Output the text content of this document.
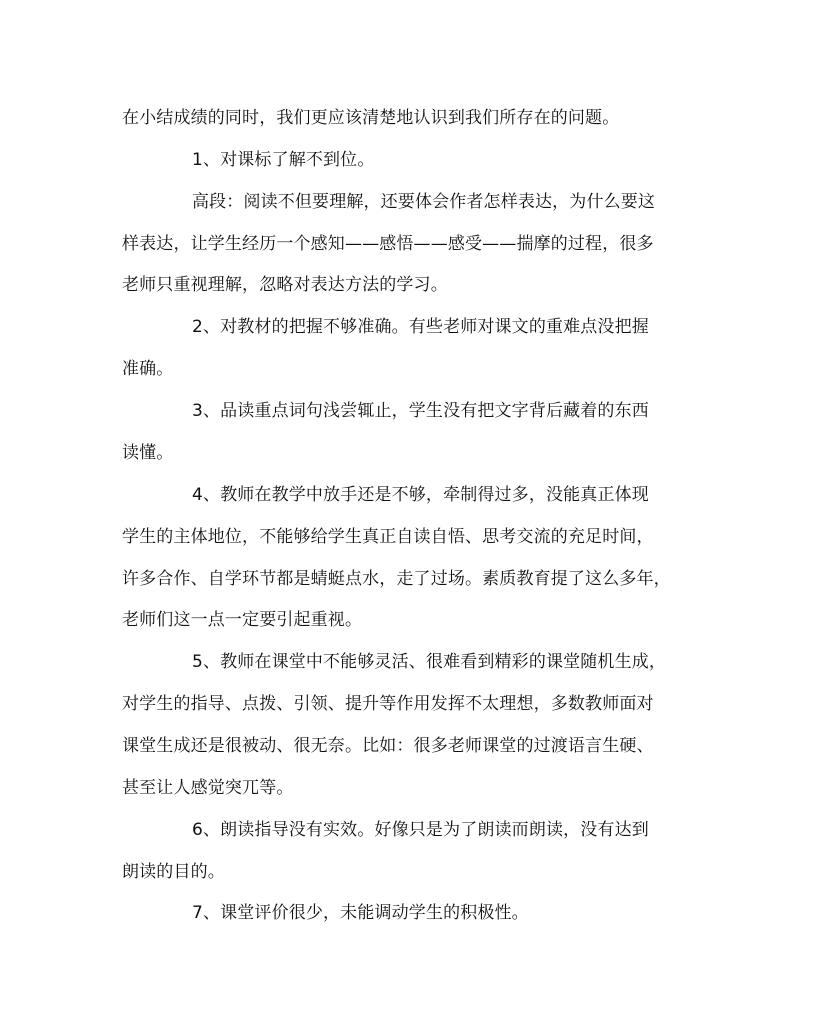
在小结成绩的同时，我们更应该清楚地认识到我们所存在的问题。
1、对课标了解不到位。
高段：阅读不但要理解，还要体会作者怎样表达，为什么要这
样表达，让学生经历一个感知——感悟——感受——揣摩的过程，很多
老师只重视理解，忽略对表达方法的学习。
2、对教材的把握不够准确。有些老师对课文的重难点没把握
准确。
3、品读重点词句浅尝辄止，学生没有把文字背后藏着的东西
读懂。
4、教师在教学中放手还是不够，牵制得过多，没能真正体现
学生的主体地位，不能够给学生真正自读自悟、思考交流的充足时间，
许多合作、自学环节都是蜻蜓点水，走了过场。素质教育提了这么多年，
老师们这一点一定要引起重视。
5、教师在课堂中不能够灵活、很难看到精彩的课堂随机生成，
对学生的指导、点拨、引领、提升等作用发挥不太理想，多数教师面对
课堂生成还是很被动、很无奈。比如：很多老师课堂的过渡语言生硬、
甚至让人感觉突兀等。
6、朗读指导没有实效。好像只是为了朗读而朗读，没有达到
朗读的目的。
7、课堂评价很少，未能调动学生的积极性。
